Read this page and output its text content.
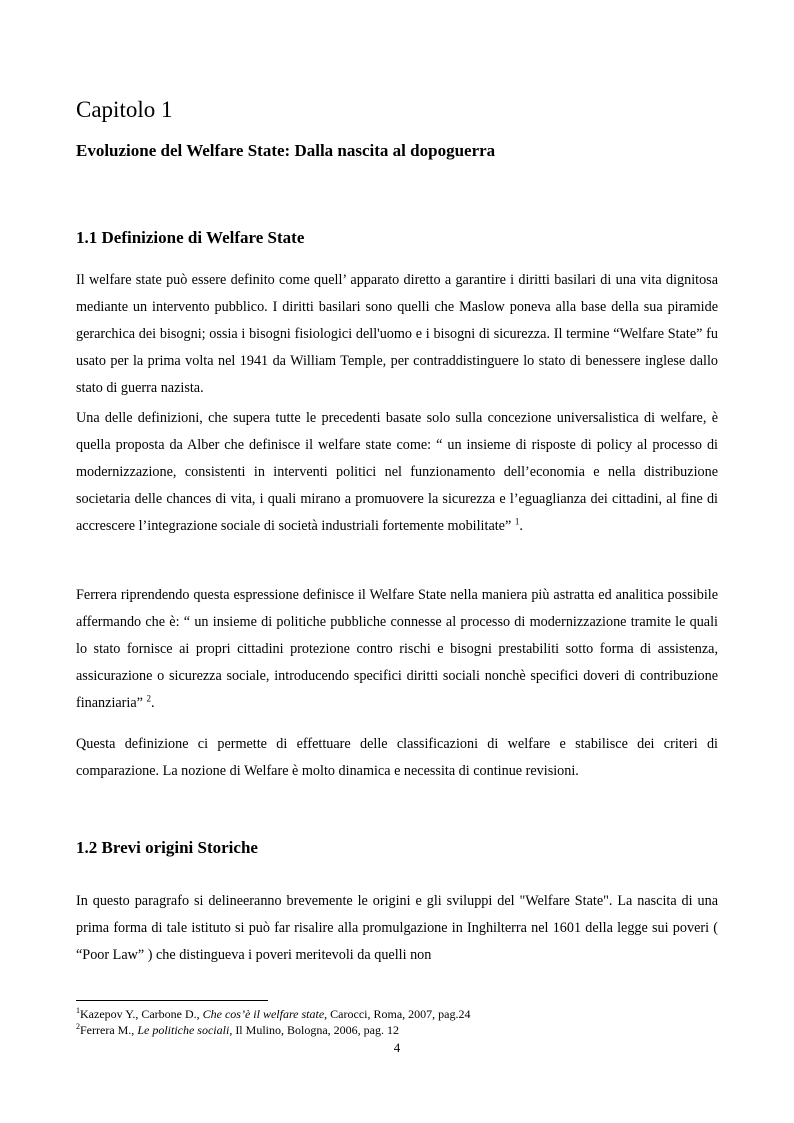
Capitolo 1
Evoluzione del Welfare State: Dalla nascita al dopoguerra
1.1 Definizione di Welfare State

Il welfare state può essere definito come quell’ apparato diretto a garantire i diritti basilari di una vita dignitosa mediante un intervento pubblico. I diritti basilari sono quelli che Maslow poneva alla base della sua piramide gerarchica dei bisogni; ossia i bisogni fisiologici dell'uomo e i bisogni di sicurezza. Il termine “Welfare State” fu usato per la prima volta nel 1941 da William Temple, per contraddistinguere lo stato di benessere inglese dallo stato di guerra nazista.

Una delle definizioni, che supera tutte le precedenti basate solo sulla concezione universalistica di welfare, è quella proposta da Alber che definisce il welfare state come: “ un insieme di risposte di policy al processo di modernizzazione, consistenti in interventi politici nel funzionamento dell’economia e nella distribuzione societaria delle chances di vita, i quali mirano a promuovere la sicurezza e l’eguaglianza dei cittadini, al fine di accrescere l’integrazione sociale di società industriali fortemente mobilitate” $^1$.

Ferrera riprendendo questa espressione definisce il Welfare State nella maniera più astratta ed analitica possibile affermando che è: “ un insieme di politiche pubbliche connesse al processo di modernizzazione tramite le quali lo stato fornisce ai propri cittadini protezione contro rischi e bisogni prestabiliti sotto forma di assistenza, assicurazione o sicurezza sociale, introducendo specifici diritti sociali nonchè specifici doveri di contribuzione finanziaria” $^2$.

Questa definizione ci permette di effettuare delle classificazioni di welfare e stabilisce dei criteri di comparazione. La nozione di Welfare è molto dinamica e necessita di continue revisioni.

1.2 Brevi origini Storiche

In questo paragrafo si delineeranno brevemente le origini e gli sviluppi del "Welfare State". La nascita di una prima forma di tale istituto si può far risalire alla promulgazione in Inghilterra nel 1601 della legge sui poveri ( “Poor Law” ) che distingueva i poveri meritevoli da quelli non

$^1$Kazepov Y., Carbone D., Che cos’è il welfare state, Carocci, Roma, 2007, pag.24

$^2$Ferrera M., Le politiche sociali, Il Mulino, Bologna, 2006, pag. 12

4
